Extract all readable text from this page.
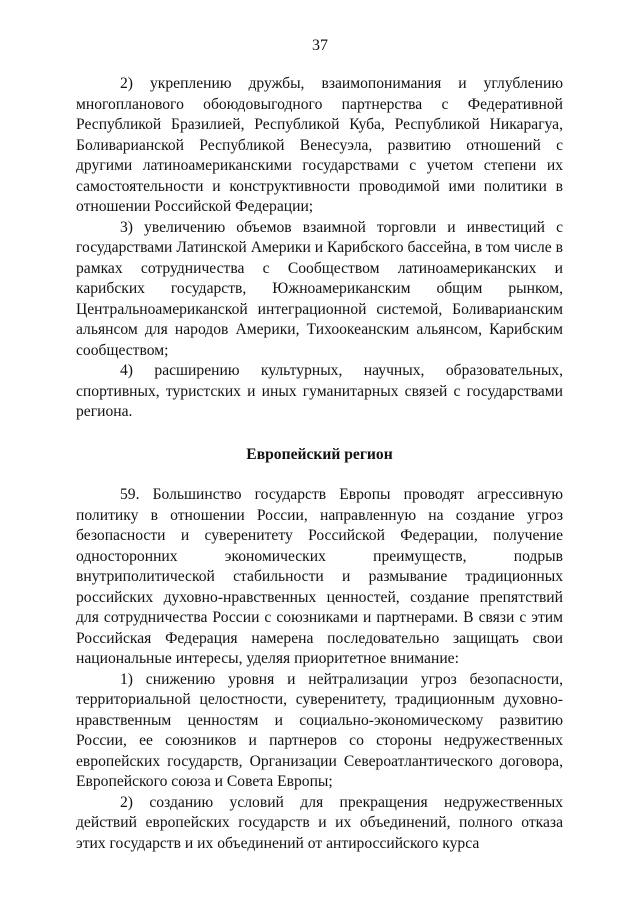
37

2) укреплению дружбы, взаимопонимания и углублению многопланового обоюдовыгодного партнерства с Федеративной Республикой Бразилией, Республикой Куба, Республикой Никарагуа, Боливарианской Республикой Венесуэла, развитию отношений с другими латиноамериканскими государствами с учетом степени их самостоятельности и конструктивности проводимой ими политики в отношении Российской Федерации;

3) увеличению объемов взаимной торговли и инвестиций с государствами Латинской Америки и Карибского бассейна, в том числе в рамках сотрудничества с Сообществом латиноамериканских и карибских государств, Южноамериканским общим рынком, Центральноамериканской интеграционной системой, Боливарианским альянсом для народов Америки, Тихоокеанским альянсом, Карибским сообществом;

4) расширению культурных, научных, образовательных, спортивных, туристских и иных гуманитарных связей с государствами региона.

Европейский регион

59. Большинство государств Европы проводят агрессивную политику в отношении России, направленную на создание угроз безопасности и суверенитету Российской Федерации, получение односторонних экономических преимуществ, подрыв внутриполитической стабильности и размывание традиционных российских духовно-нравственных ценностей, создание препятствий для сотрудничества России с союзниками и партнерами. В связи с этим Российская Федерация намерена последовательно защищать свои национальные интересы, уделяя приоритетное внимание:

1) снижению уровня и нейтрализации угроз безопасности, территориальной целостности, суверенитету, традиционным духовно-нравственным ценностям и социально-экономическому развитию России, ее союзников и партнеров со стороны недружественных европейских государств, Организации Североатлантического договора, Европейского союза и Совета Европы;

2) созданию условий для прекращения недружественных действий европейских государств и их объединений, полного отказа этих государств и их объединений от антироссийского курса
